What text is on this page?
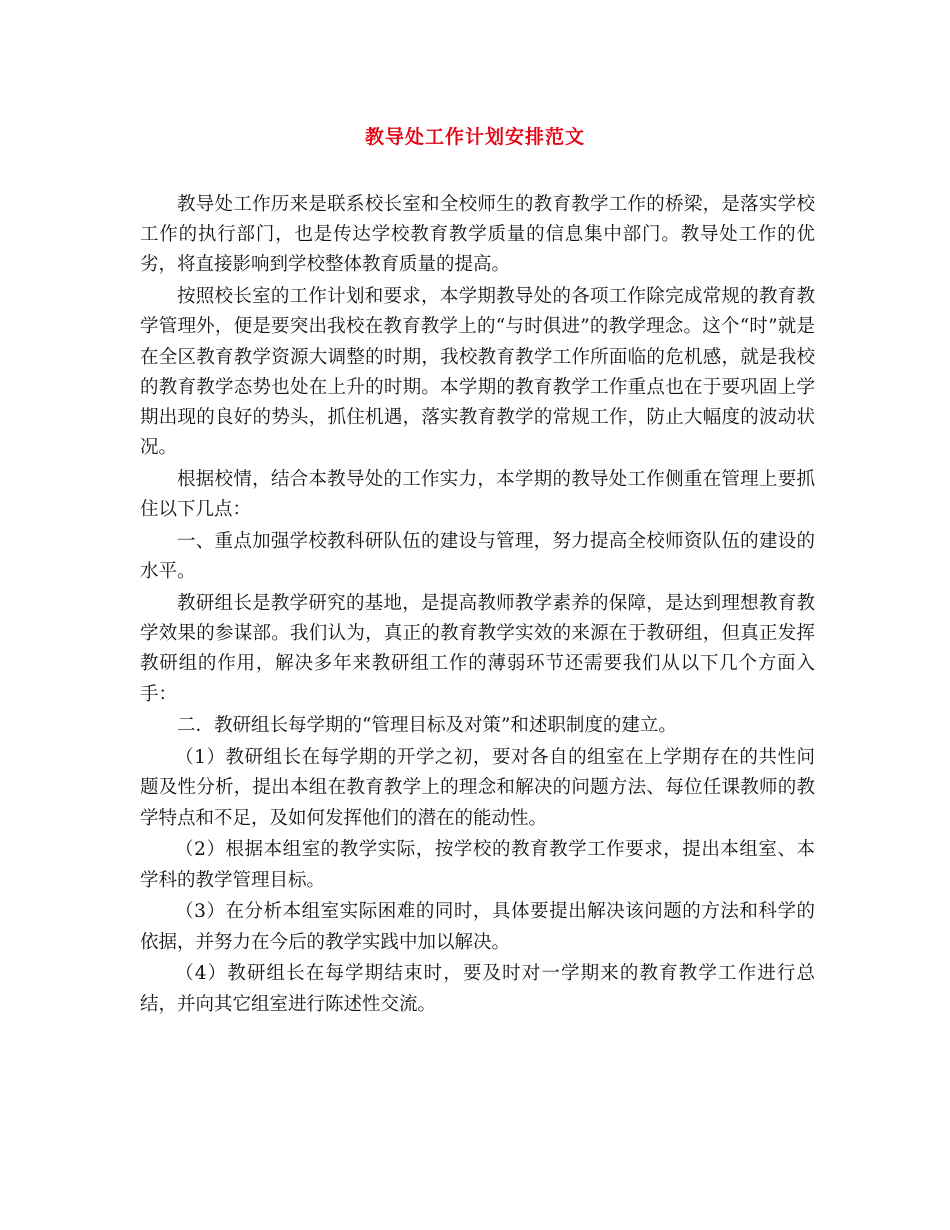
教导处工作计划安排范文

教导处工作历来是联系校长室和全校师生的教育教学工作的桥梁，是落实学校工作的执行部门，也是传达学校教育教学质量的信息集中部门。教导处工作的优劣，将直接影响到学校整体教育质量的提高。

按照校长室的工作计划和要求，本学期教导处的各项工作除完成常规的教育教学管理外，便是要突出我校在教育教学上的“与时俱进”的教学理念。这个“时”就是在全区教育教学资源大调整的时期，我校教育教学工作所面临的危机感，就是我校的教育教学态势也处在上升的时期。本学期的教育教学工作重点也在于要巩固上学期出现的良好的势头，抓住机遇，落实教育教学的常规工作，防止大幅度的波动状况。

根据校情，结合本教导处的工作实力，本学期的教导处工作侧重在管理上要抓住以下几点：

一、重点加强学校教科研队伍的建设与管理，努力提高全校师资队伍的建设的水平。

教研组长是教学研究的基地，是提高教师教学素养的保障，是达到理想教育教学效果的参谋部。我们认为，真正的教育教学实效的来源在于教研组，但真正发挥教研组的作用，解决多年来教研组工作的薄弱环节还需要我们从以下几个方面入手：

二．教研组长每学期的“管理目标及对策”和述职制度的建立。

（1）教研组长在每学期的开学之初，要对各自的组室在上学期存在的共性问题及性分析，提出本组在教育教学上的理念和解决的问题方法、每位任课教师的教学特点和不足，及如何发挥他们的潜在的能动性。

（2）根据本组室的教学实际，按学校的教育教学工作要求，提出本组室、本学科的教学管理目标。

（3）在分析本组室实际困难的同时，具体要提出解决该问题的方法和科学的依据，并努力在今后的教学实践中加以解决。

（4）教研组长在每学期结束时，要及时对一学期来的教育教学工作进行总结，并向其它组室进行陈述性交流。
